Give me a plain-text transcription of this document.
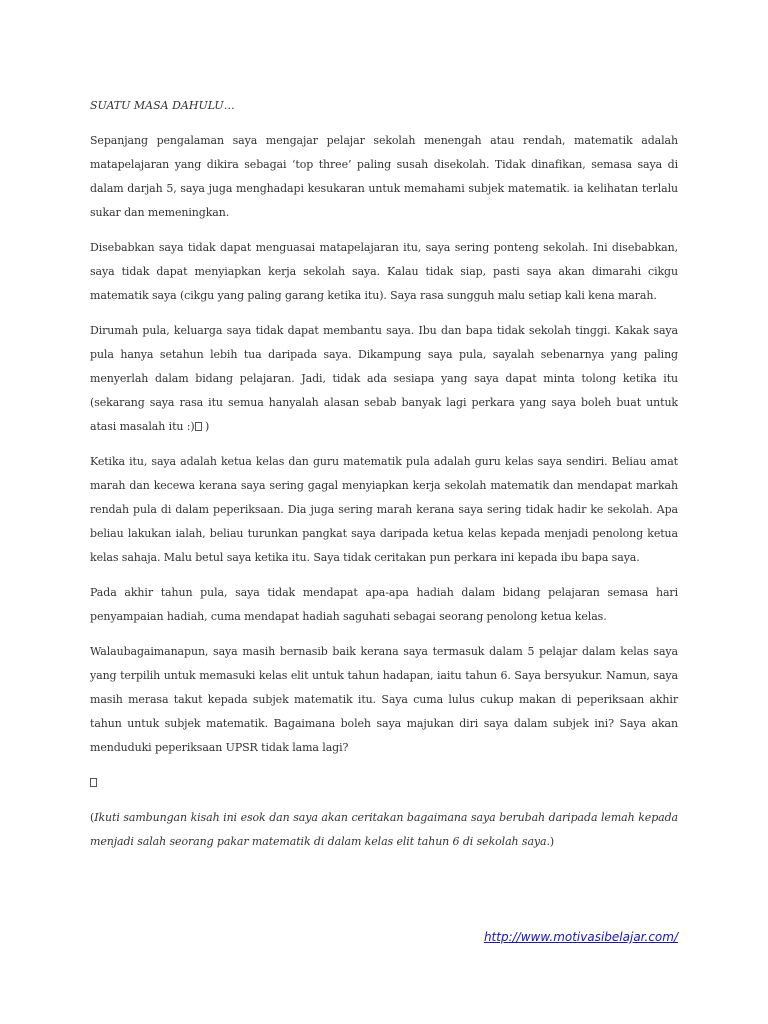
SUATU MASA DAHULU…

Sepanjang pengalaman saya mengajar pelajar sekolah menengah atau rendah, matematik adalah matapelajaran yang dikira sebagai ‘top three’ paling susah disekolah. Tidak dinafikan, semasa saya di dalam darjah 5, saya juga menghadapi kesukaran untuk memahami subjek matematik. ia kelihatan terlalu sukar dan memeningkan.

Disebabkan saya tidak dapat menguasai matapelajaran itu, saya sering ponteng sekolah. Ini disebabkan, saya tidak dapat menyiapkan kerja sekolah saya. Kalau tidak siap, pasti saya akan dimarahi cikgu matematik saya (cikgu yang paling garang ketika itu). Saya rasa sungguh malu setiap kali kena marah.

Dirumah pula, keluarga saya tidak dapat membantu saya. Ibu dan bapa tidak sekolah tinggi. Kakak saya pula hanya setahun lebih tua daripada saya. Dikampung saya pula, sayalah sebenarnya yang paling menyerlah dalam bidang pelajaran. Jadi, tidak ada sesiapa yang saya dapat minta tolong ketika itu (sekarang saya rasa itu semua hanyalah alasan sebab banyak lagi perkara yang saya boleh buat untuk atasi masalah itu :) )

Ketika itu, saya adalah ketua kelas dan guru matematik pula adalah guru kelas saya sendiri. Beliau amat marah dan kecewa kerana saya sering gagal menyiapkan kerja sekolah matematik dan mendapat markah rendah pula di dalam peperiksaan. Dia juga sering marah kerana saya sering tidak hadir ke sekolah. Apa beliau lakukan ialah, beliau turunkan pangkat saya daripada ketua kelas kepada menjadi penolong ketua kelas sahaja. Malu betul saya ketika itu. Saya tidak ceritakan pun perkara ini kepada ibu bapa saya.

Pada akhir tahun pula, saya tidak mendapat apa-apa hadiah dalam bidang pelajaran semasa hari penyampaian hadiah, cuma mendapat hadiah saguhati sebagai seorang penolong ketua kelas.

Walaubagaimanapun, saya masih bernasib baik kerana saya termasuk dalam 5 pelajar dalam kelas saya yang terpilih untuk memasuki kelas elit untuk tahun hadapan, iaitu tahun 6. Saya bersyukur. Namun, saya masih merasa takut kepada subjek matematik itu. Saya cuma lulus cukup makan di peperiksaan akhir tahun untuk subjek matematik. Bagaimana boleh saya majukan diri saya dalam subjek ini? Saya akan menduduki peperiksaan UPSR tidak lama lagi?

(Ikuti sambungan kisah ini esok dan saya akan ceritakan bagaimana saya berubah daripada lemah kepada menjadi salah seorang pakar matematik di dalam kelas elit tahun 6 di sekolah saya.)

http://www.motivasibelajar.com/
